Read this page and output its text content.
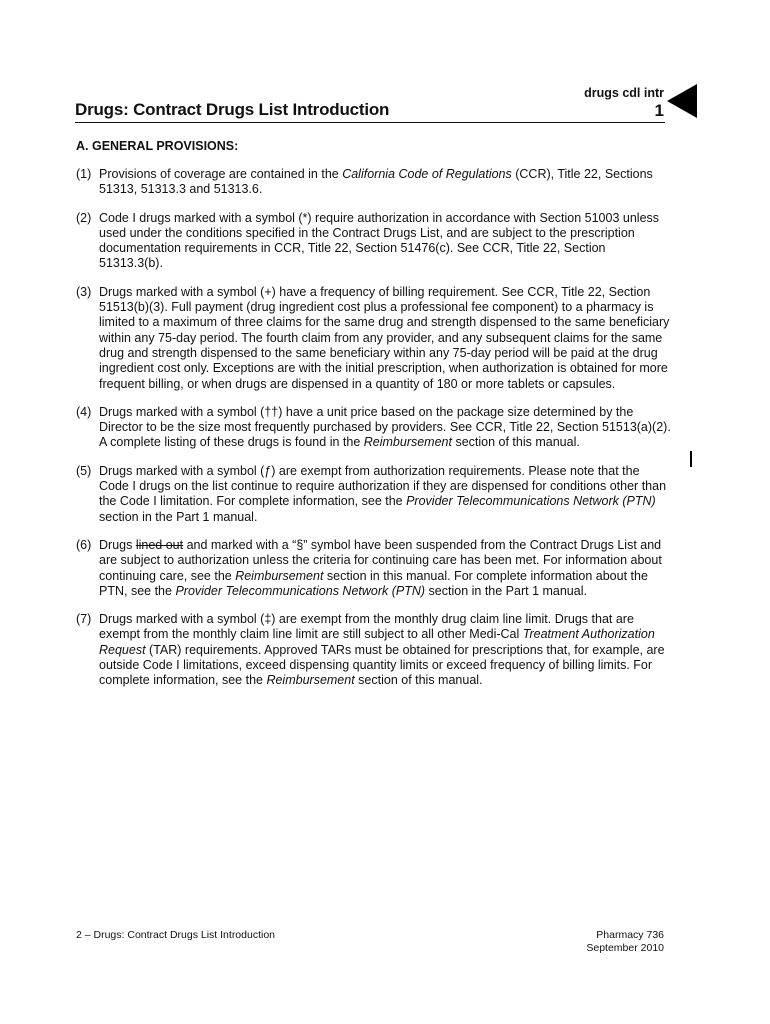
drugs cdl intr
Drugs: Contract Drugs List Introduction	1
A. GENERAL PROVISIONS:

(1) Provisions of coverage are contained in the California Code of Regulations (CCR), Title 22, Sections 51313, 51313.3 and 51313.6.

(2) Code I drugs marked with a symbol (*) require authorization in accordance with Section 51003 unless used under the conditions specified in the Contract Drugs List, and are subject to the prescription documentation requirements in CCR, Title 22, Section 51476(c). See CCR, Title 22, Section 51313.3(b).

(3) Drugs marked with a symbol (+) have a frequency of billing requirement. See CCR, Title 22, Section 51513(b)(3). Full payment (drug ingredient cost plus a professional fee component) to a pharmacy is limited to a maximum of three claims for the same drug and strength dispensed to the same beneficiary within any 75-day period. The fourth claim from any provider, and any subsequent claims for the same drug and strength dispensed to the same beneficiary within any 75-day period will be paid at the drug ingredient cost only. Exceptions are with the initial prescription, when authorization is obtained for more frequent billing, or when drugs are dispensed in a quantity of 180 or more tablets or capsules.

(4) Drugs marked with a symbol (††) have a unit price based on the package size determined by the Director to be the size most frequently purchased by providers. See CCR, Title 22, Section 51513(a)(2). A complete listing of these drugs is found in the Reimbursement section of this manual.

(5) Drugs marked with a symbol (ƒ) are exempt from authorization requirements. Please note that the Code I drugs on the list continue to require authorization if they are dispensed for conditions other than the Code I limitation. For complete information, see the Provider Telecommunications Network (PTN) section in the Part 1 manual.

(6) Drugs lined out and marked with a “§” symbol have been suspended from the Contract Drugs List and are subject to authorization unless the criteria for continuing care has been met. For information about continuing care, see the Reimbursement section in this manual. For complete information about the PTN, see the Provider Telecommunications Network (PTN) section in the Part 1 manual.

(7) Drugs marked with a symbol (‡) are exempt from the monthly drug claim line limit. Drugs that are exempt from the monthly claim line limit are still subject to all other Medi-Cal Treatment Authorization Request (TAR) requirements. Approved TARs must be obtained for prescriptions that, for example, are outside Code I limitations, exceed dispensing quantity limits or exceed frequency of billing limits. For complete information, see the Reimbursement section of this manual.

2 – Drugs: Contract Drugs List Introduction	Pharmacy 736
September 2010
